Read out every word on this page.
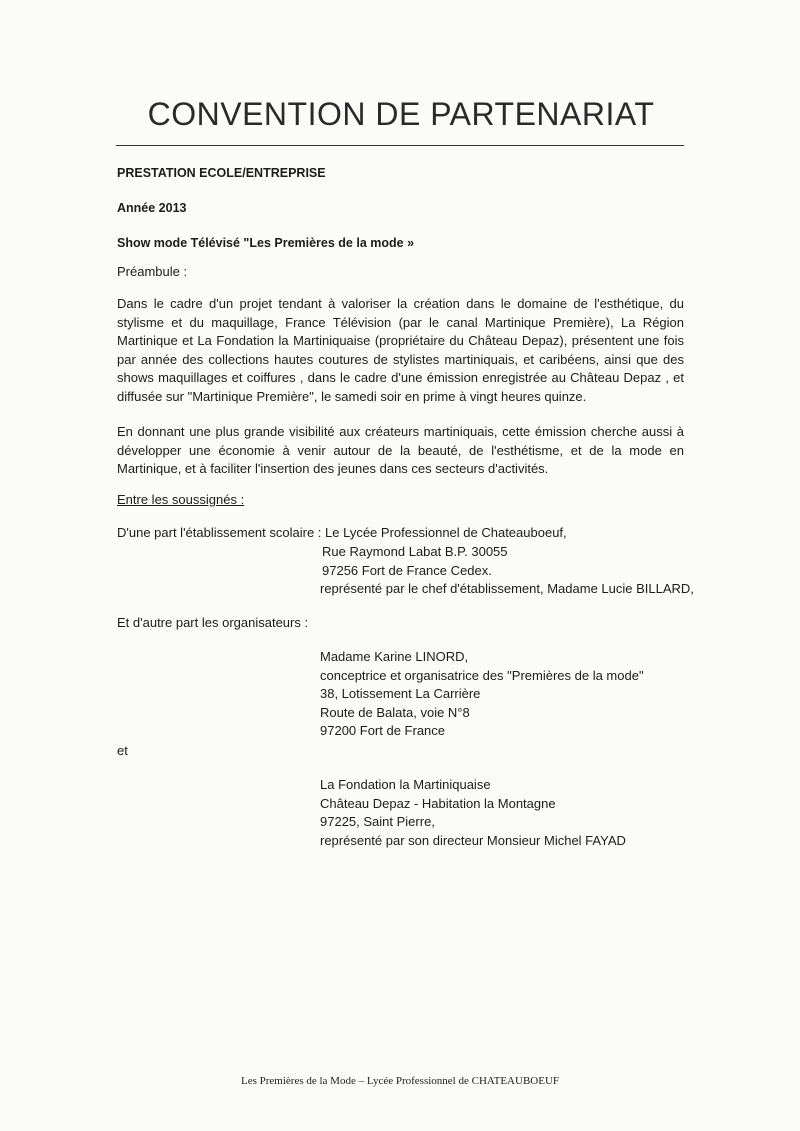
CONVENTION DE PARTENARIAT
PRESTATION ECOLE/ENTREPRISE
Année 2013
Show mode Télévisé "Les Premières de la mode »
Préambule :

Dans le cadre d'un projet tendant à valoriser la création dans le domaine de l'esthétique, du stylisme et du maquillage, France Télévision (par le canal Martinique Première), La Région Martinique et La Fondation la Martiniquaise (propriétaire du Château Depaz), présentent une fois par année des collections hautes coutures de stylistes martiniquais, et caribéens, ainsi que des shows maquillages et coiffures , dans le cadre d'une émission enregistrée au Château Depaz , et diffusée sur "Martinique Première", le samedi soir en prime à vingt heures quinze.

En donnant une plus grande visibilité aux créateurs martiniquais, cette émission cherche aussi à développer une économie à venir autour de la beauté, de l'esthétisme, et de la mode en Martinique, et à faciliter l'insertion des jeunes dans ces secteurs d'activités.

Entre les soussignés :
D'une part l'établissement scolaire : Le Lycée Professionnel de Chateauboeuf,
Rue Raymond Labat B.P. 30055
97256 Fort de France Cedex.
représenté par le chef d'établissement, Madame Lucie BILLARD,
Et d'autre part les organisateurs :
Madame Karine LINORD,
conceptrice et organisatrice des "Premières de la mode"
38, Lotissement La Carrière
Route de Balata, voie N°8
97200 Fort de France
et
La Fondation la Martiniquaise
Château Depaz - Habitation la Montagne
97225, Saint Pierre,
représenté par son directeur Monsieur Michel FAYAD
Les Premières de la Mode – Lycée Professionnel de CHATEAUBOEUF
